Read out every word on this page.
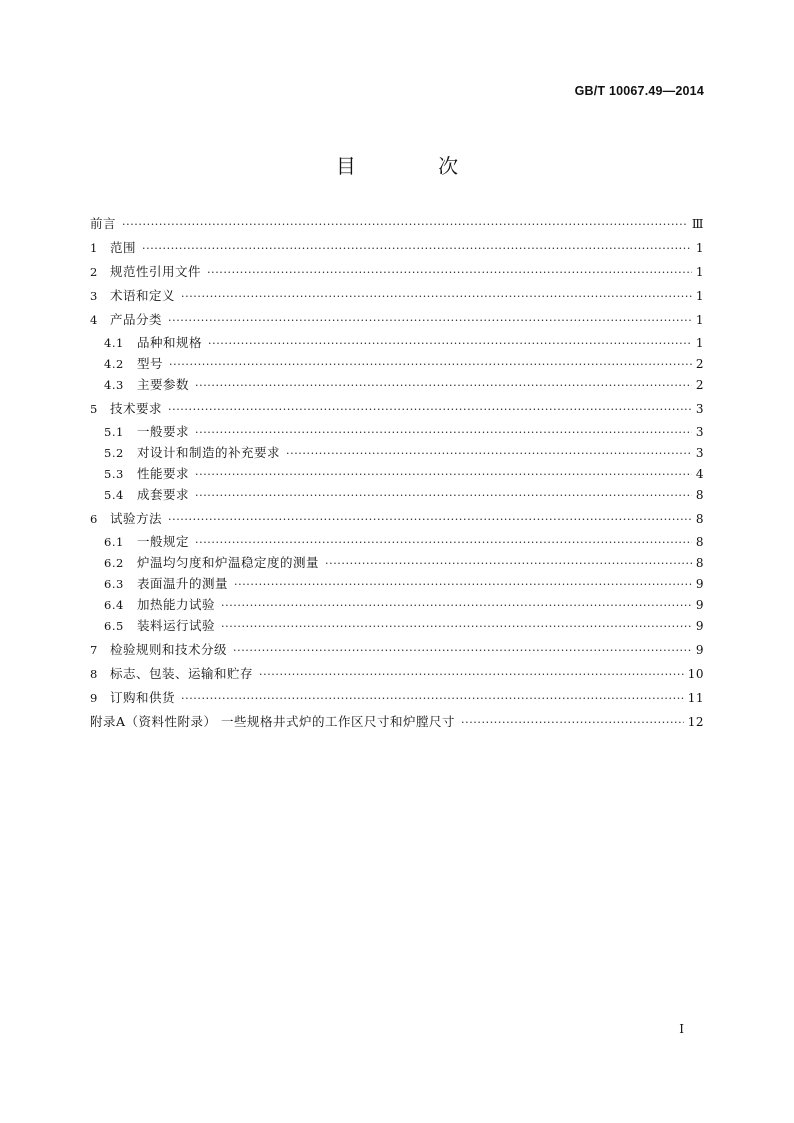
GB/T 10067.49—2014
目 次
前言 ·····	Ⅲ
1 范围 ·····	1
2 规范性引用文件 ·····	1
3 术语和定义 ·····	1
4 产品分类 ·····	1
4.1	品种和规格 ·····	1
4.2	型号 ·····	2
4.3	主要参数 ·····	2
5 技术要求 ·····	3
5.1	一般要求 ·····	3
5.2	对设计和制造的补充要求 ·····	3
5.3	性能要求 ·····	4
5.4	成套要求 ·····	8
6 试验方法 ·····	8
6.1	一般规定 ·····	8
6.2	炉温均匀度和炉温稳定度的测量 ·····	8
6.3	表面温升的测量 ·····	9
6.4	加热能力试验 ·····	9
6.5	装料运行试验 ·····	9
7 检验规则和技术分级 ·····	9
8 标志、包装、运输和贮存 ·····	10
9 订购和供货 ·····	11
附录A（资料性附录） 一些规格井式炉的工作区尺寸和炉膛尺寸 ·····	12
I
